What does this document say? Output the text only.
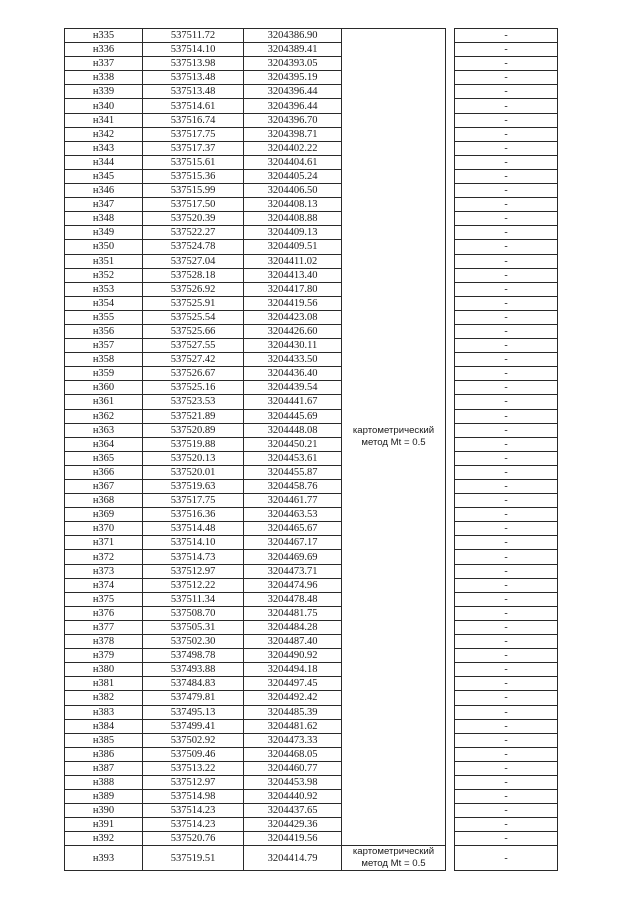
н335	537511.72	3204386.90	картометрический метод Mt = 0.5		-
н336	537514.10	3204389.41			-
н337	537513.98	3204393.05			-
н338	537513.48	3204395.19			-
н339	537513.48	3204396.44			-
н340	537514.61	3204396.44			-
н341	537516.74	3204396.70			-
н342	537517.75	3204398.71			-
н343	537517.37	3204402.22			-
н344	537515.61	3204404.61			-
н345	537515.36	3204405.24			-
н346	537515.99	3204406.50			-
н347	537517.50	3204408.13			-
н348	537520.39	3204408.88			-
н349	537522.27	3204409.13			-
н350	537524.78	3204409.51			-
н351	537527.04	3204411.02			-
н352	537528.18	3204413.40			-
н353	537526.92	3204417.80			-
н354	537525.91	3204419.56			-
н355	537525.54	3204423.08			-
н356	537525.66	3204426.60			-
н357	537527.55	3204430.11			-
н358	537527.42	3204433.50			-
н359	537526.67	3204436.40			-
н360	537525.16	3204439.54			-
н361	537523.53	3204441.67			-
н362	537521.89	3204445.69			-
н363	537520.89	3204448.08			-
н364	537519.88	3204450.21			-
н365	537520.13	3204453.61			-
н366	537520.01	3204455.87			-
н367	537519.63	3204458.76			-
н368	537517.75	3204461.77			-
н369	537516.36	3204463.53			-
н370	537514.48	3204465.67			-
н371	537514.10	3204467.17			-
н372	537514.73	3204469.69			-
н373	537512.97	3204473.71			-
н374	537512.22	3204474.96			-
н375	537511.34	3204478.48			-
н376	537508.70	3204481.75			-
н377	537505.31	3204484.28			-
н378	537502.30	3204487.40			-
н379	537498.78	3204490.92			-
н380	537493.88	3204494.18			-
н381	537484.83	3204497.45			-
н382	537479.81	3204492.42			-
н383	537495.13	3204485.39			-
н384	537499.41	3204481.62			-
н385	537502.92	3204473.33			-
н386	537509.46	3204468.05			-
н387	537513.22	3204460.77			-
н388	537512.97	3204453.98			-
н389	537514.98	3204440.92			-
н390	537514.23	3204437.65			-
н391	537514.23	3204429.36			-
н392	537520.76	3204419.56			-
н393	537519.51	3204414.79	картометрический метод Mt = 0.5		-
